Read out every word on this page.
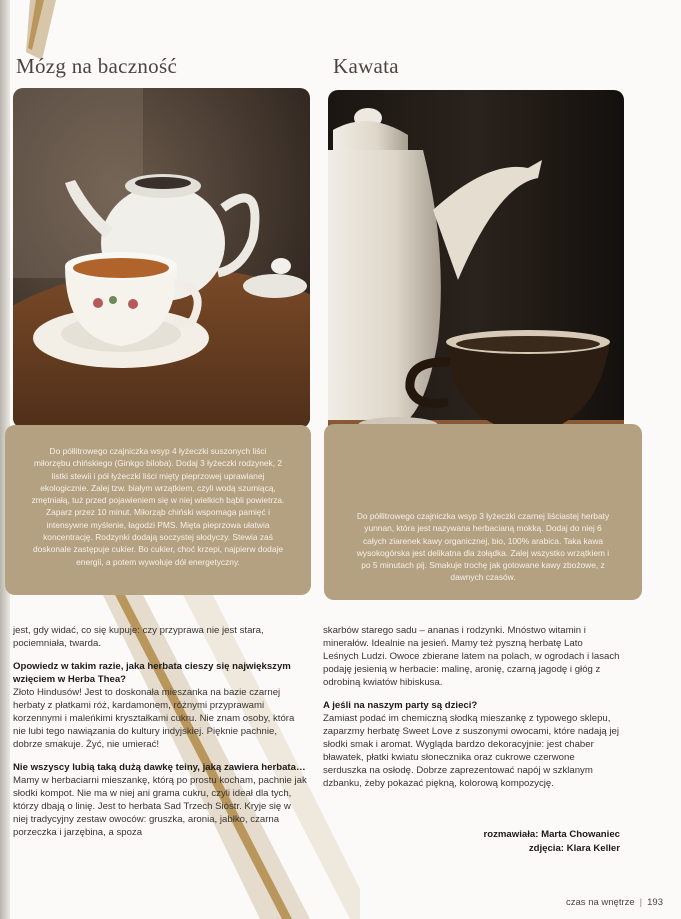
Mózg na baczność

Do półlitrowego czajniczka wsyp 4 łyżeczki suszonych liści miłorzębu chińskiego (Ginkgo biloba). Dodaj 3 łyżeczki rodzynek, 2 listki stewii i pół łyżeczki liści mięty pieprzowej uprawianej ekologicznie. Zalej tzw. białym wrzątkiem, czyli wodą szumiącą, zmętniałą, tuż przed pojawieniem się w niej wielkich bąbli powietrza. Zaparz przez 10 minut. Miłorząb chiński wspomaga pamięć i intensywne myślenie, łagodzi PMS. Mięta pieprzowa ułatwia koncentrację. Rodzynki dodają soczystej słodyczy. Stewia zaś doskonale zastępuje cukier. Bo cukier, choć krzepi, najpierw dodaje energii, a potem wywołuje dół energetyczny.

Kawata

Do półlitrowego czajniczka wsyp 3 łyżeczki czarnej liściastej herbaty yunnan, która jest nazywana herbacianą mokką. Dodaj do niej 6 całych ziarenek kawy organicznej, bio, 100% arabica. Taka kawa wysokogórska jest delikatna dla żołądka. Zalej wszystko wrzątkiem i po 5 minutach pij. Smakuje trochę jak gotowane kawy zbożowe, z dawnych czasów.

jest, gdy widać, co się kupuje: czy przyprawa nie jest stara, pociemniała, twarda.

Opowiedz w takim razie, jaka herbata cieszy się największym wzięciem w Herba Thea?

Złoto Hindusów! Jest to doskonała mieszanka na bazie czarnej herbaty z płatkami róż, kardamonem, różnymi przyprawami korzennymi i maleńkimi kryształkami cukru. Nie znam osoby, która nie lubi tego nawiązania do kultury indyjskiej. Pięknie pachnie, dobrze smakuje. Żyć, nie umierać!

Nie wszyscy lubią taką dużą dawkę teiny, jaką zawiera herbata…

Mamy w herbaciarni mieszankę, którą po prostu kocham, pachnie jak słodki kompot. Nie ma w niej ani grama cukru, czyli ideał dla tych, którzy dbają o linię. Jest to herbata Sad Trzech Sióstr. Kryje się w niej tradycyjny zestaw owoców: gruszka, aronia, jabłko, czarna porzeczka i jarzębina, a spoza

skarbów starego sadu – ananas i rodzynki. Mnóstwo witamin i minerałów. Idealnie na jesień. Mamy też pyszną herbatę Lato Leśnych Ludzi. Owoce zbierane latem na polach, w ogrodach i lasach podaję jesienią w herbacie: malinę, aronię, czarną jagodę i głóg z odrobiną kwiatów hibiskusa.

A jeśli na naszym party są dzieci?

Zamiast podać im chemiczną słodką mieszankę z typowego sklepu, zaparzmy herbatę Sweet Love z suszonymi owocami, które nadają jej słodki smak i aromat. Wygląda bardzo dekoracyjnie: jest chaber bławatek, płatki kwiatu słonecznika oraz cukrowe czerwone serduszka na osłodę. Dobrze zaprezentować napój w szklanym dzbanku, żeby pokazać piękną, kolorową kompozycję.

rozmawiała: Marta Chowaniec
zdjęcia: Klara Keller
czas na wnętrze | 193
